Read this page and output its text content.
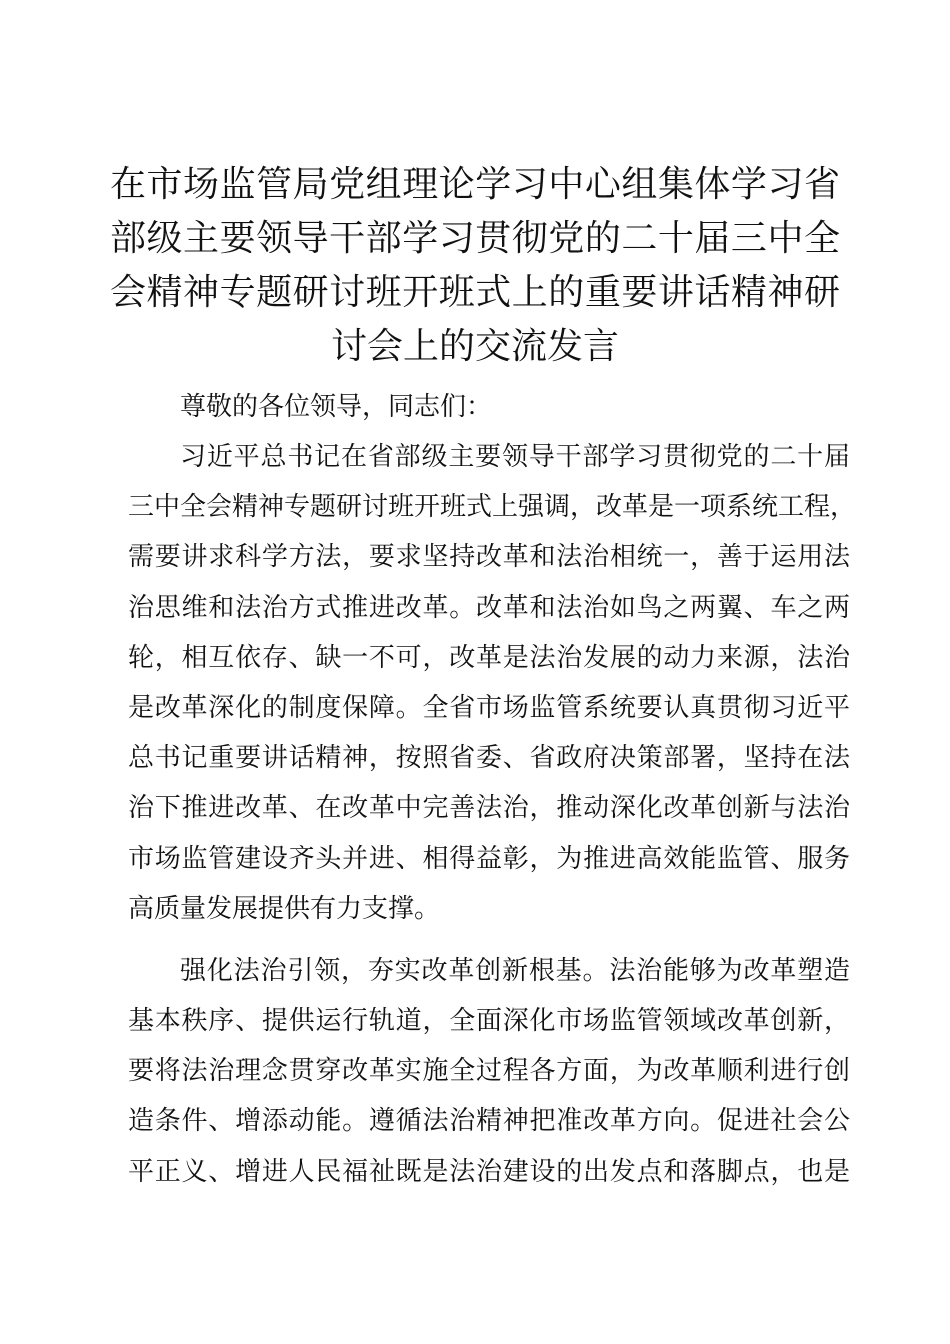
在市场监管局党组理论学习中心组集体学习省
部级主要领导干部学习贯彻党的二十届三中全
会精神专题研讨班开班式上的重要讲话精神研
讨会上的交流发言
尊敬的各位领导，同志们：
习近平总书记在省部级主要领导干部学习贯彻党的二十届
三中全会精神专题研讨班开班式上强调，改革是一项系统工程，
需要讲求科学方法，要求坚持改革和法治相统一，善于运用法
治思维和法治方式推进改革。改革和法治如鸟之两翼、车之两
轮，相互依存、缺一不可，改革是法治发展的动力来源，法治
是改革深化的制度保障。全省市场监管系统要认真贯彻习近平
总书记重要讲话精神，按照省委、省政府决策部署，坚持在法
治下推进改革、在改革中完善法治，推动深化改革创新与法治
市场监管建设齐头并进、相得益彰，为推进高效能监管、服务
高质量发展提供有力支撑。
强化法治引领，夯实改革创新根基。法治能够为改革塑造
基本秩序、提供运行轨道，全面深化市场监管领域改革创新，
要将法治理念贯穿改革实施全过程各方面，为改革顺利进行创
造条件、增添动能。遵循法治精神把准改革方向。促进社会公
平正义、增进人民福祉既是法治建设的出发点和落脚点，也是
